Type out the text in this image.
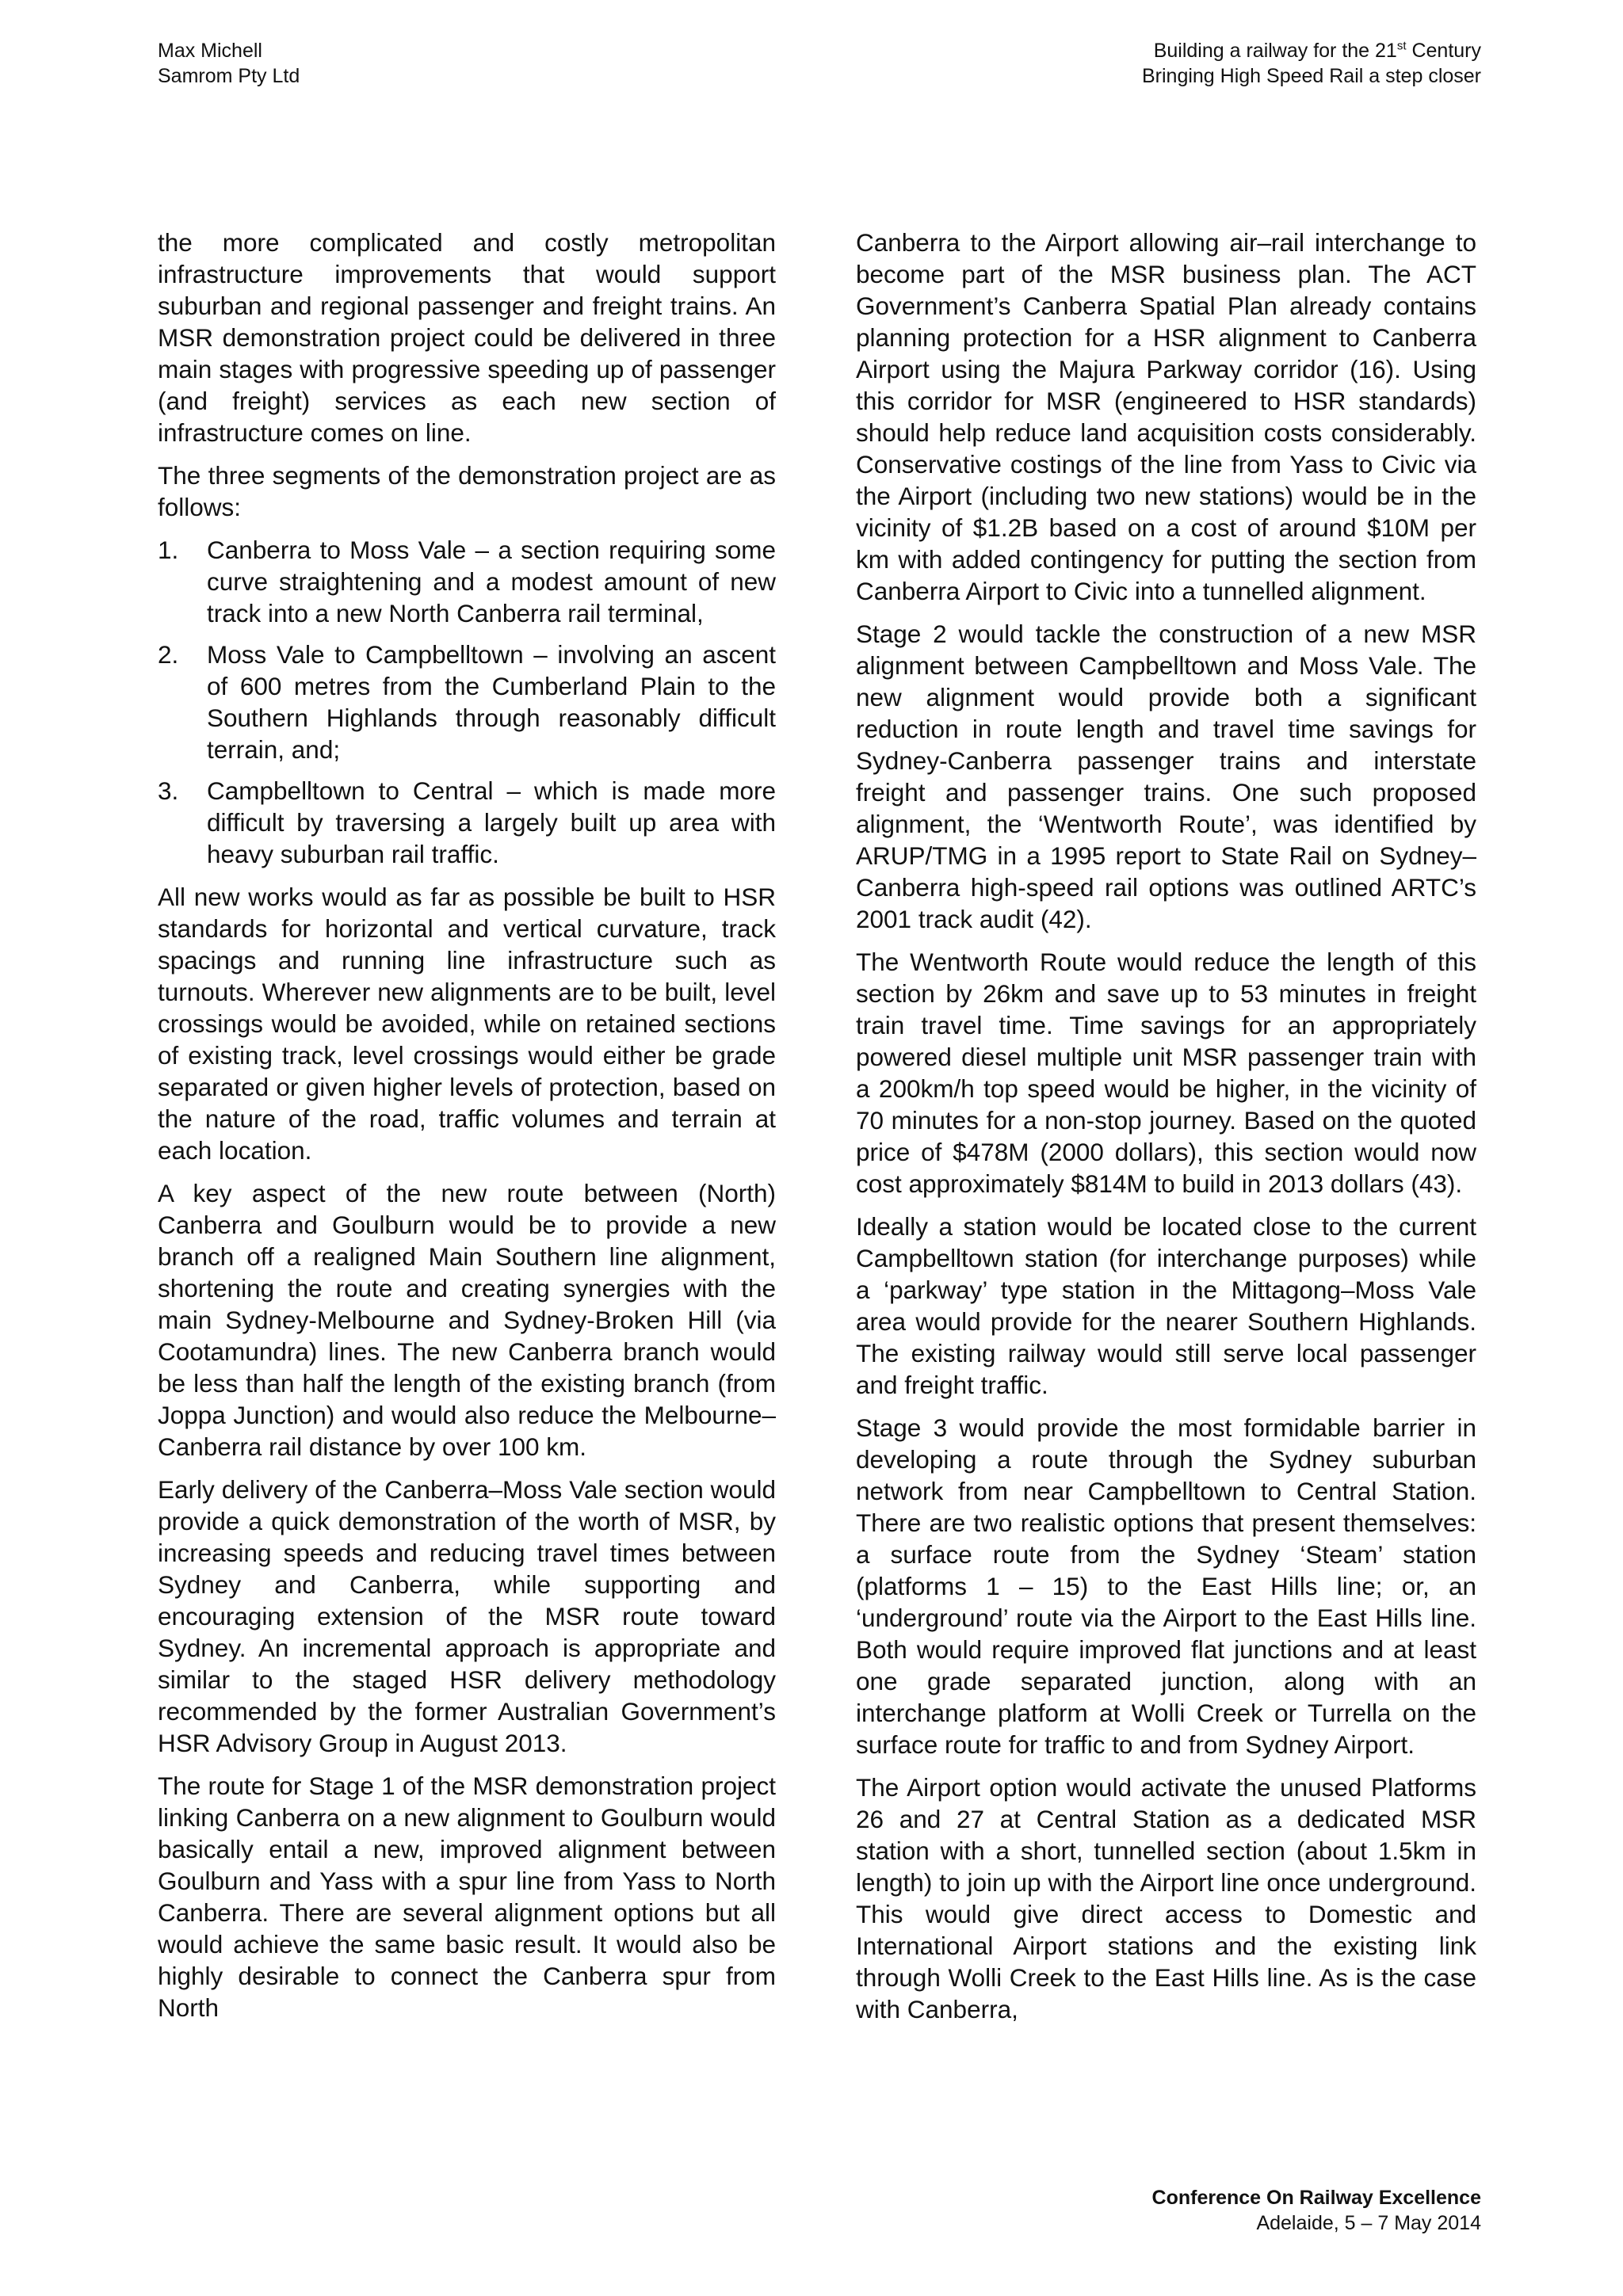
Max Michell
Samrom Pty Ltd
Building a railway for the 21st Century
Bringing High Speed Rail a step closer

the more complicated and costly metropolitan infrastructure improvements that would support suburban and regional passenger and freight trains. An MSR demonstration project could be delivered in three main stages with progressive speeding up of passenger (and freight) services as each new section of infrastructure comes on line.

The three segments of the demonstration project are as follows:

1. Canberra to Moss Vale – a section requiring some curve straightening and a modest amount of new track into a new North Canberra rail terminal,
2. Moss Vale to Campbelltown – involving an ascent of 600 metres from the Cumberland Plain to the Southern Highlands through reasonably difficult terrain, and;
3. Campbelltown to Central – which is made more difficult by traversing a largely built up area with heavy suburban rail traffic.

All new works would as far as possible be built to HSR standards for horizontal and vertical curvature, track spacings and running line infrastructure such as turnouts. Wherever new alignments are to be built, level crossings would be avoided, while on retained sections of existing track, level crossings would either be grade separated or given higher levels of protection, based on the nature of the road, traffic volumes and terrain at each location.

A key aspect of the new route between (North) Canberra and Goulburn would be to provide a new branch off a realigned Main Southern line alignment, shortening the route and creating synergies with the main Sydney-Melbourne and Sydney-Broken Hill (via Cootamundra) lines. The new Canberra branch would be less than half the length of the existing branch (from Joppa Junction) and would also reduce the Melbourne–Canberra rail distance by over 100 km.

Early delivery of the Canberra–Moss Vale section would provide a quick demonstration of the worth of MSR, by increasing speeds and reducing travel times between Sydney and Canberra, while supporting and encouraging extension of the MSR route toward Sydney. An incremental approach is appropriate and similar to the staged HSR delivery methodology recommended by the former Australian Government’s HSR Advisory Group in August 2013.

The route for Stage 1 of the MSR demonstration project linking Canberra on a new alignment to Goulburn would basically entail a new, improved alignment between Goulburn and Yass with a spur line from Yass to North Canberra. There are several alignment options but all would achieve the same basic result. It would also be highly desirable to connect the Canberra spur from North

Canberra to the Airport allowing air–rail interchange to become part of the MSR business plan. The ACT Government’s Canberra Spatial Plan already contains planning protection for a HSR alignment to Canberra Airport using the Majura Parkway corridor (16). Using this corridor for MSR (engineered to HSR standards) should help reduce land acquisition costs considerably. Conservative costings of the line from Yass to Civic via the Airport (including two new stations) would be in the vicinity of $1.2B based on a cost of around $10M per km with added contingency for putting the section from Canberra Airport to Civic into a tunnelled alignment.

Stage 2 would tackle the construction of a new MSR alignment between Campbelltown and Moss Vale. The new alignment would provide both a significant reduction in route length and travel time savings for Sydney-Canberra passenger trains and interstate freight and passenger trains. One such proposed alignment, the ‘Wentworth Route’, was identified by ARUP/TMG in a 1995 report to State Rail on Sydney–Canberra high-speed rail options was outlined ARTC’s 2001 track audit (42).

The Wentworth Route would reduce the length of this section by 26km and save up to 53 minutes in freight train travel time. Time savings for an appropriately powered diesel multiple unit MSR passenger train with a 200km/h top speed would be higher, in the vicinity of 70 minutes for a non-stop journey. Based on the quoted price of $478M (2000 dollars), this section would now cost approximately $814M to build in 2013 dollars (43).

Ideally a station would be located close to the current Campbelltown station (for interchange purposes) while a ‘parkway’ type station in the Mittagong–Moss Vale area would provide for the nearer Southern Highlands. The existing railway would still serve local passenger and freight traffic.

Stage 3 would provide the most formidable barrier in developing a route through the Sydney suburban network from near Campbelltown to Central Station. There are two realistic options that present themselves: a surface route from the Sydney ‘Steam’ station (platforms 1 – 15) to the East Hills line; or, an ‘underground’ route via the Airport to the East Hills line. Both would require improved flat junctions and at least one grade separated junction, along with an interchange platform at Wolli Creek or Turrella on the surface route for traffic to and from Sydney Airport.

The Airport option would activate the unused Platforms 26 and 27 at Central Station as a dedicated MSR station with a short, tunnelled section (about 1.5km in length) to join up with the Airport line once underground. This would give direct access to Domestic and International Airport stations and the existing link through Wolli Creek to the East Hills line. As is the case with Canberra,

Conference On Railway Excellence
Adelaide, 5 – 7 May 2014
